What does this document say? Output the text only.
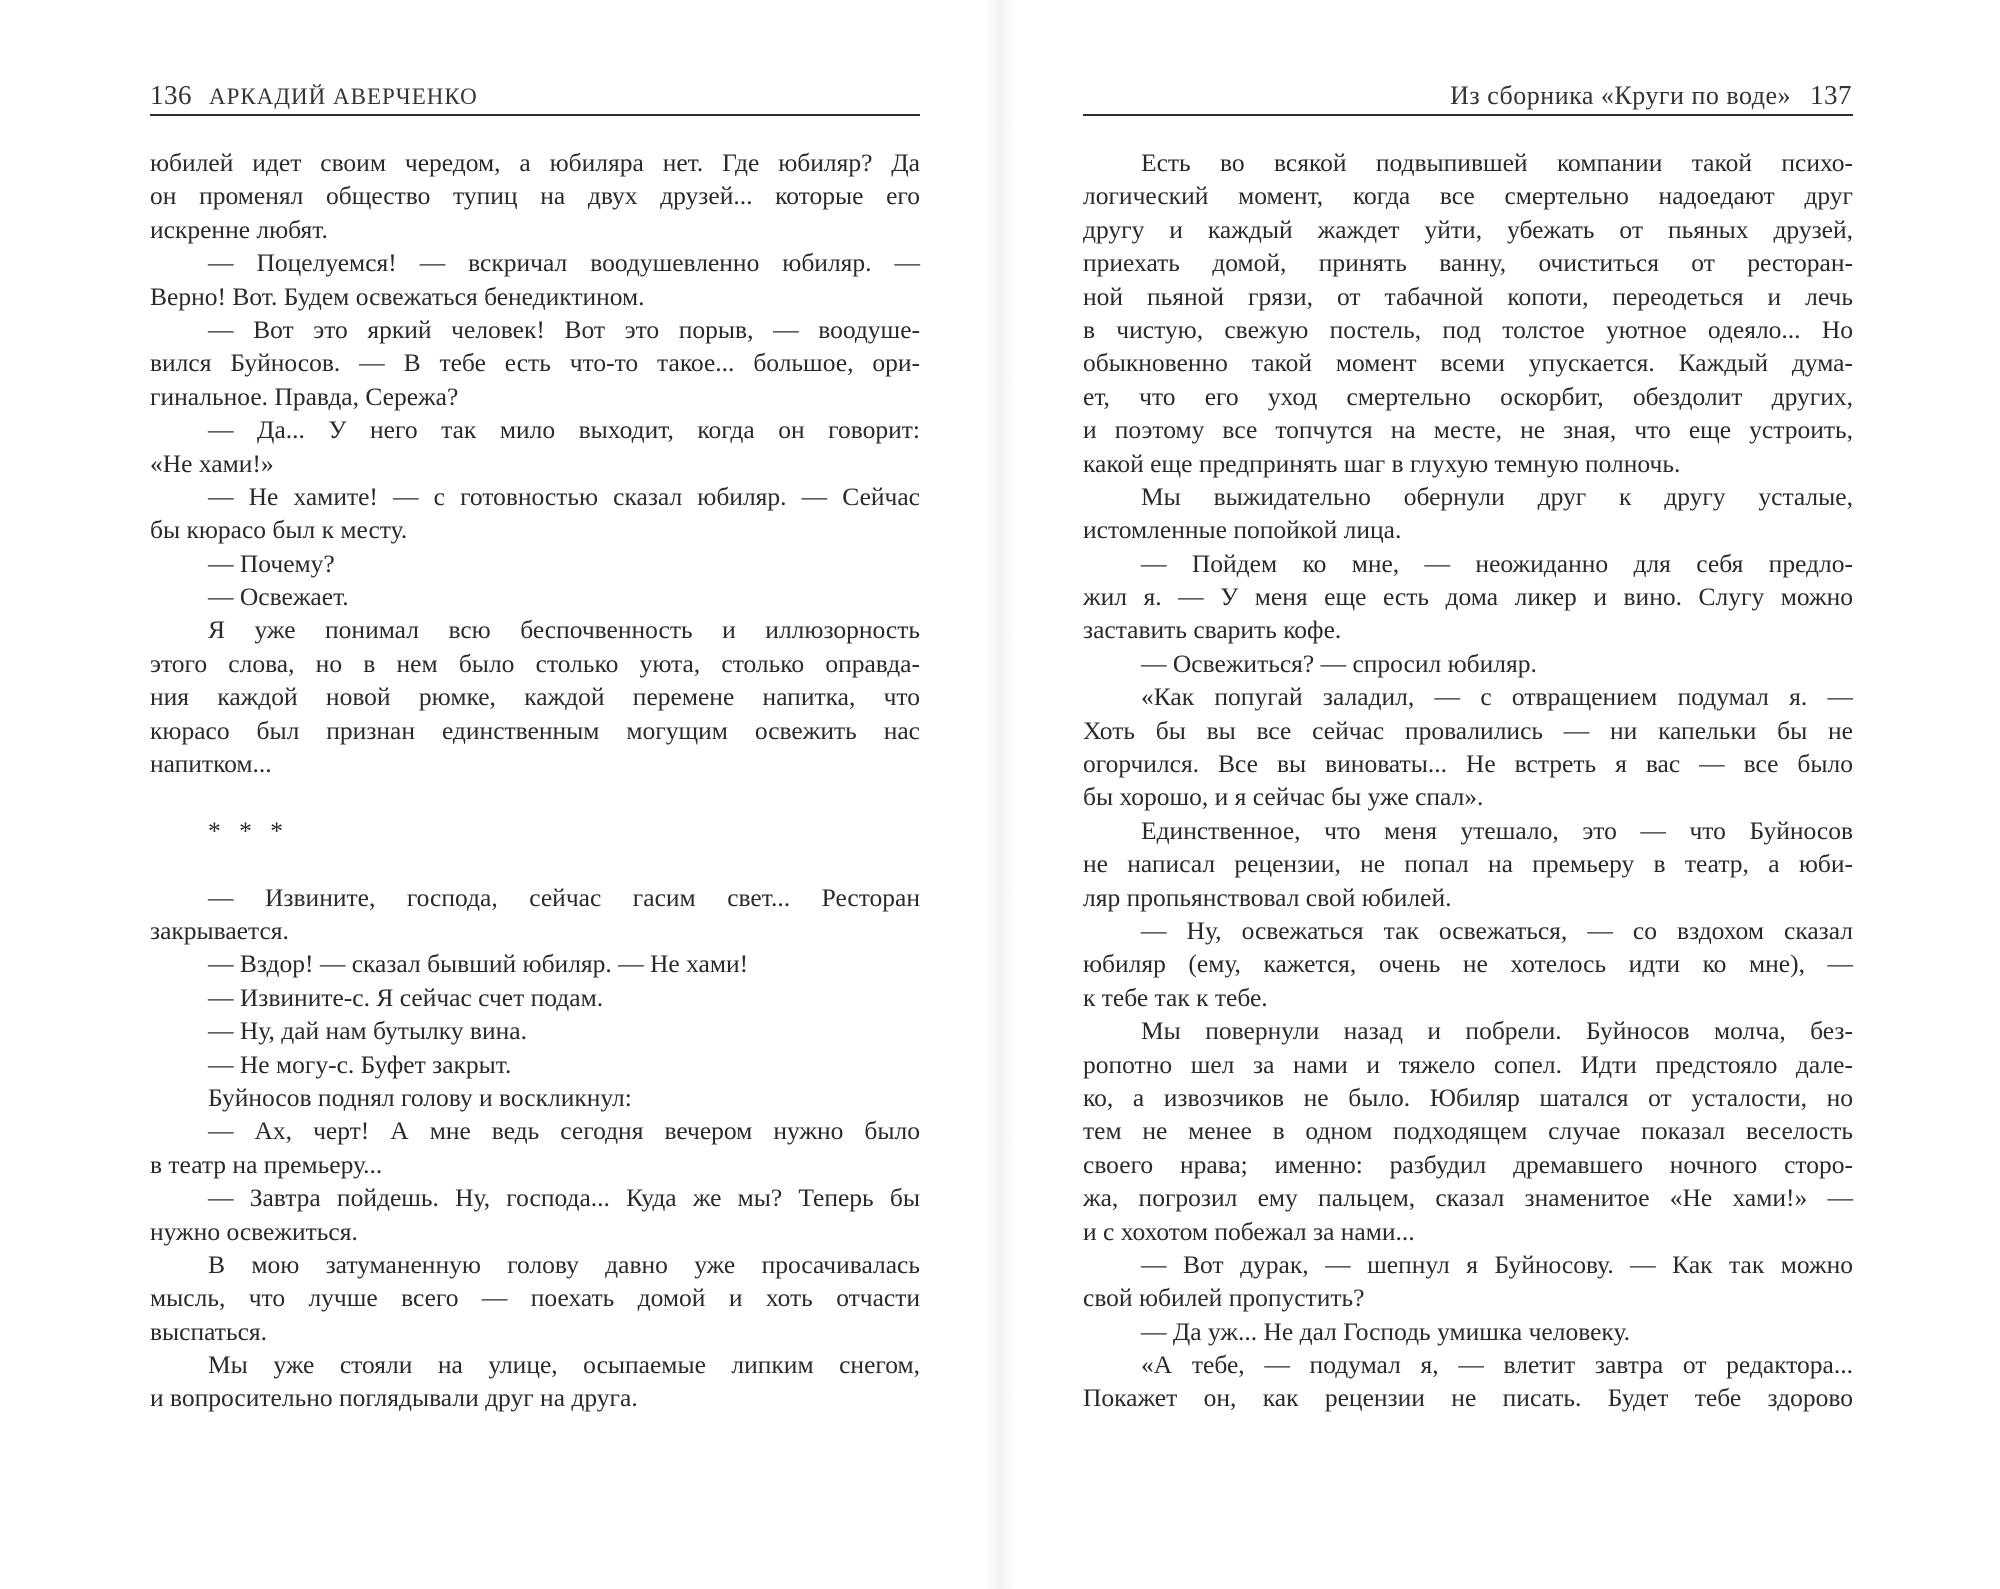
136 АРКАДИЙ АВЕРЧЕНКО
юбилей идет своим чередом, а юбиляра нет. Где юбиляр? Да
он променял общество тупиц на двух друзей... которые его
искренне любят.
— Поцелуемся! — вскричал воодушевленно юбиляр. —
Верно! Вот. Будем освежаться бенедиктином.
— Вот это яркий человек! Вот это порыв, — воодуше-
вился Буйносов. — В тебе есть что-то такое... большое, ори-
гинальное. Правда, Сережа?
— Да... У него так мило выходит, когда он говорит:
«Не хами!»
— Не хамите! — с готовностью сказал юбиляр. — Сейчас
бы кюрасо был к месту.
— Почему?
— Освежает.
Я уже понимал всю беспочвенность и иллюзорность
этого слова, но в нем было столько уюта, столько оправда-
ния каждой новой рюмке, каждой перемене напитка, что
кюрасо был признан единственным могущим освежить нас
напитком...
* * *
— Извините, господа, сейчас гасим свет... Ресторан
закрывается.
— Вздор! — сказал бывший юбиляр. — Не хами!
— Извините-с. Я сейчас счет подам.
— Ну, дай нам бутылку вина.
— Не могу-с. Буфет закрыт.
Буйносов поднял голову и воскликнул:
— Ах, черт! А мне ведь сегодня вечером нужно было
в театр на премьеру...
— Завтра пойдешь. Ну, господа... Куда же мы? Теперь бы
нужно освежиться.
В мою затуманенную голову давно уже просачивалась
мысль, что лучше всего — поехать домой и хоть отчасти
выспаться.
Мы уже стояли на улице, осыпаемые липким снегом,
и вопросительно поглядывали друг на друга.
Из сборника «Круги по воде» 137
Есть во всякой подвыпившей компании такой психо-
логический момент, когда все смертельно надоедают друг
другу и каждый жаждет уйти, убежать от пьяных друзей,
приехать домой, принять ванну, очиститься от ресторан-
ной пьяной грязи, от табачной копоти, переодеться и лечь
в чистую, свежую постель, под толстое уютное одеяло... Но
обыкновенно такой момент всеми упускается. Каждый дума-
ет, что его уход смертельно оскорбит, обездолит других,
и поэтому все топчутся на месте, не зная, что еще устроить,
какой еще предпринять шаг в глухую темную полночь.
Мы выжидательно обернули друг к другу усталые,
истомленные попойкой лица.
— Пойдем ко мне, — неожиданно для себя предло-
жил я. — У меня еще есть дома ликер и вино. Слугу можно
заставить сварить кофе.
— Освежиться? — спросил юбиляр.
«Как попугай заладил, — с отвращением подумал я. —
Хоть бы вы все сейчас провалились — ни капельки бы не
огорчился. Все вы виноваты... Не встреть я вас — все было
бы хорошо, и я сейчас бы уже спал».
Единственное, что меня утешало, это — что Буйносов
не написал рецензии, не попал на премьеру в театр, а юби-
ляр пропьянствовал свой юбилей.
— Ну, освежаться так освежаться, — со вздохом сказал
юбиляр (ему, кажется, очень не хотелось идти ко мне), —
к тебе так к тебе.
Мы повернули назад и побрели. Буйносов молча, без-
ропотно шел за нами и тяжело сопел. Идти предстояло дале-
ко, а извозчиков не было. Юбиляр шатался от усталости, но
тем не менее в одном подходящем случае показал веселость
своего нрава; именно: разбудил дремавшего ночного сторо-
жа, погрозил ему пальцем, сказал знаменитое «Не хами!» —
и с хохотом побежал за нами...
— Вот дурак, — шепнул я Буйносову. — Как так можно
свой юбилей пропустить?
— Да уж... Не дал Господь умишка человеку.
«А тебе, — подумал я, — влетит завтра от редактора...
Покажет он, как рецензии не писать. Будет тебе здорово
